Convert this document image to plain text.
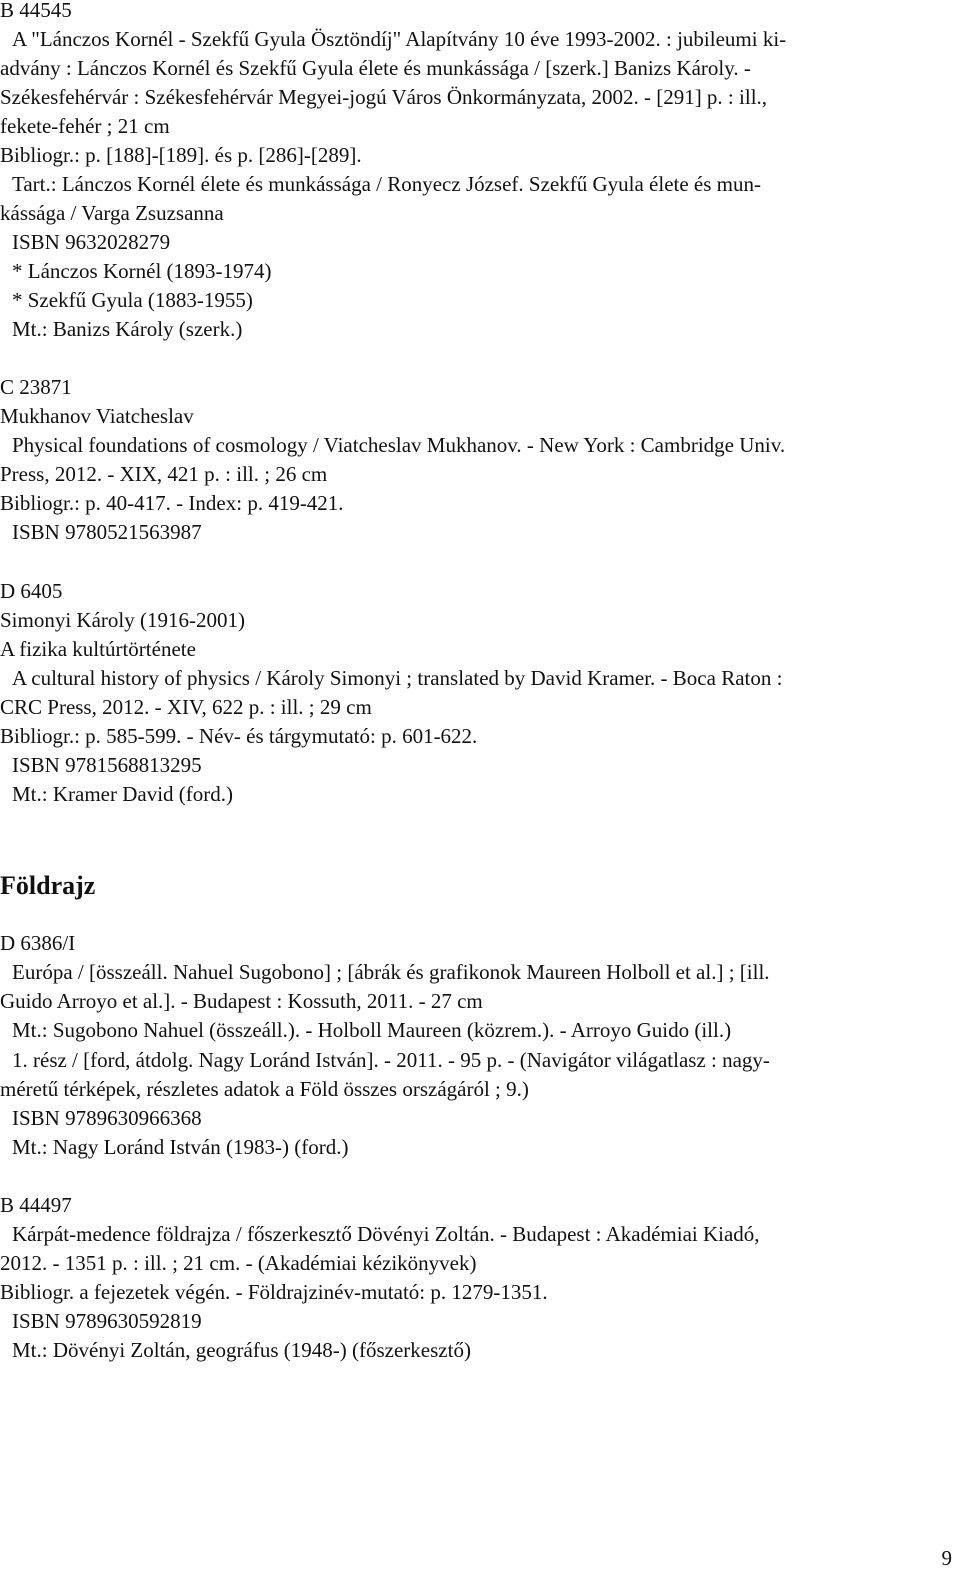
B 44545
A "Lánczos Kornél - Szekfű Gyula Ösztöndíj" Alapítvány 10 éve 1993-2002. : jubileumi ki-
advány : Lánczos Kornél és Szekfű Gyula élete és munkássága / [szerk.] Banizs Károly. -
Székesfehérvár : Székesfehérvár Megyei-jogú Város Önkormányzata, 2002. - [291] p. : ill.,
fekete-fehér ; 21 cm
Bibliogr.: p. [188]-[189]. és p. [286]-[289].
Tart.: Lánczos Kornél élete és munkássága / Ronyecz József. Szekfű Gyula élete és mun-
kássága / Varga Zsuzsanna
ISBN 9632028279
* Lánczos Kornél (1893-1974)
* Szekfű Gyula (1883-1955)
Mt.: Banizs Károly (szerk.)
C 23871
Mukhanov Viatcheslav
Physical foundations of cosmology / Viatcheslav Mukhanov. - New York : Cambridge Univ.
Press, 2012. - XIX, 421 p. : ill. ; 26 cm
Bibliogr.: p. 40-417. - Index: p. 419-421.
ISBN 9780521563987
D 6405
Simonyi Károly (1916-2001)
A fizika kultúrtörténete
A cultural history of physics / Károly Simonyi ; translated by David Kramer. - Boca Raton :
CRC Press, 2012. - XIV, 622 p. : ill. ; 29 cm
Bibliogr.: p. 585-599. - Név- és tárgymutató: p. 601-622.
ISBN 9781568813295
Mt.: Kramer David (ford.)
Földrajz
D 6386/I
Európa / [összeáll. Nahuel Sugobono] ; [ábrák és grafikonok Maureen Holboll et al.] ; [ill.
Guido Arroyo et al.]. - Budapest : Kossuth, 2011. - 27 cm
Mt.: Sugobono Nahuel (összeáll.). - Holboll Maureen (közrem.). - Arroyo Guido (ill.)
1. rész / [ford, átdolg. Nagy Loránd István]. - 2011. - 95 p. - (Navigátor világatlasz : nagy-
méretű térképek, részletes adatok a Föld összes országáról ; 9.)
ISBN 9789630966368
Mt.: Nagy Loránd István (1983-) (ford.)
B 44497
Kárpát-medence földrajza / főszerkesztő Dövényi Zoltán. - Budapest : Akadémiai Kiadó,
2012. - 1351 p. : ill. ; 21 cm. - (Akadémiai kézikönyvek)
Bibliogr. a fejezetek végén. - Földrajzinév-mutató: p. 1279-1351.
ISBN 9789630592819
Mt.: Dövényi Zoltán, geográfus (1948-) (főszerkesztő)
9
